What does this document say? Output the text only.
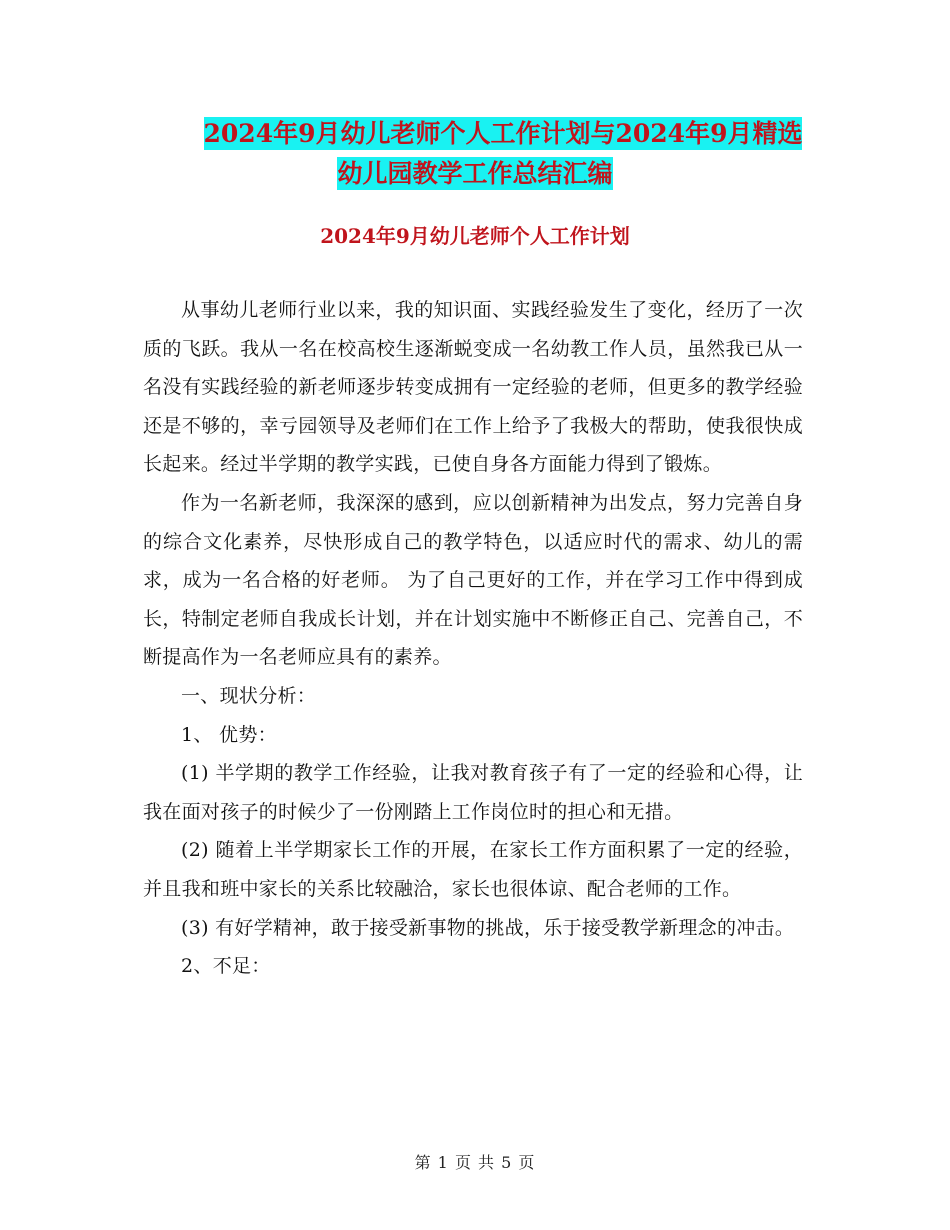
2024年9月幼儿老师个人工作计划与2024年9月精选
幼儿园教学工作总结汇编
2024年9月幼儿老师个人工作计划

从事幼儿老师行业以来，我的知识面、实践经验发生了变化，经历了一次质的飞跃。我从一名在校高校生逐渐蜕变成一名幼教工作人员，虽然我已从一名没有实践经验的新老师逐步转变成拥有一定经验的老师，但更多的教学经验还是不够的，幸亏园领导及老师们在工作上给予了我极大的帮助，使我很快成长起来。经过半学期的教学实践，已使自身各方面能力得到了锻炼。

作为一名新老师，我深深的感到，应以创新精神为出发点，努力完善自身的综合文化素养，尽快形成自己的教学特色，以适应时代的需求、幼儿的需求，成为一名合格的好老师。 为了自己更好的工作，并在学习工作中得到成长，特制定老师自我成长计划，并在计划实施中不断修正自己、完善自己，不断提高作为一名老师应具有的素养。

一、现状分析：

1、 优势：

(1) 半学期的教学工作经验，让我对教育孩子有了一定的经验和心得，让我在面对孩子的时候少了一份刚踏上工作岗位时的担心和无措。

(2) 随着上半学期家长工作的开展，在家长工作方面积累了一定的经验，并且我和班中家长的关系比较融洽，家长也很体谅、配合老师的工作。

(3) 有好学精神，敢于接受新事物的挑战，乐于接受教学新理念的冲击。

2、不足：

第 1 页 共 5 页
